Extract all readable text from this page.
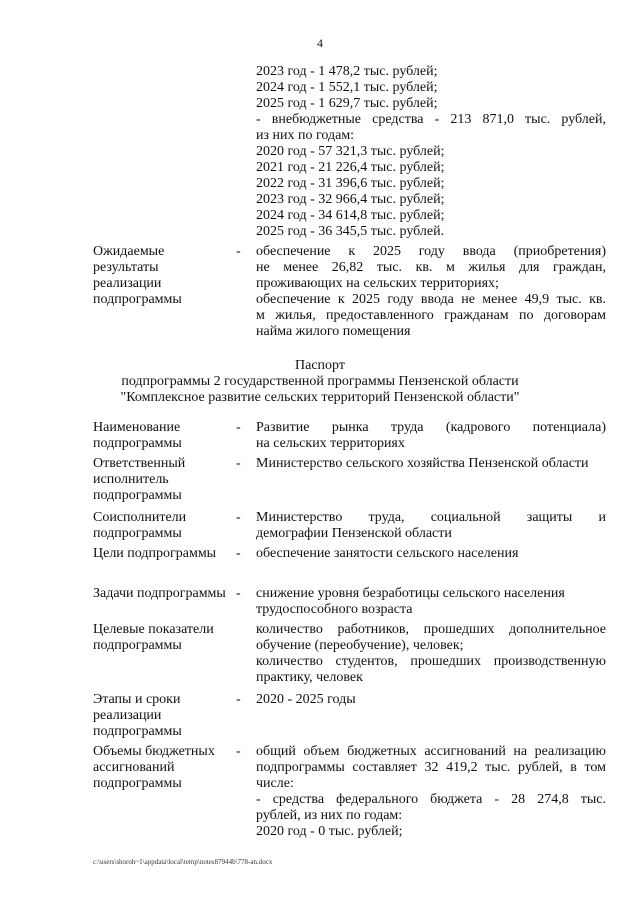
4
2023 год - 1 478,2 тыс. рублей;
2024 год - 1 552,1 тыс. рублей;
2025 год - 1 629,7 тыс. рублей;
- внебюджетные средства - 213 871,0 тыс. рублей,
из них по годам:
2020 год - 57 321,3 тыс. рублей;
2021 год - 21 226,4 тыс. рублей;
2022 год - 31 396,6 тыс. рублей;
2023 год - 32 966,4 тыс. рублей;
2024 год - 34 614,8 тыс. рублей;
2025 год - 36 345,5 тыс. рублей.
Ожидаемые результаты реализации подпрограммы
- обеспечение к 2025 году ввода (приобретения)
не менее 26,82 тыс. кв. м жилья для граждан,
проживающих на сельских территориях;
обеспечение к 2025 году ввода не менее 49,9 тыс. кв.
м жилья, предоставленного гражданам по договорам
найма жилого помещения
Паспорт
подпрограммы 2 государственной программы Пензенской области
"Комплексное развитие сельских территорий Пензенской области"
Наименование подпрограммы
- Развитие рынка труда (кадрового потенциала)
на сельских территориях
Ответственный исполнитель подпрограммы
- Министерство сельского хозяйства Пензенской области
Соисполнители подпрограммы
- Министерство труда, социальной защиты и
демографии Пензенской области
Цели подпрограммы	- обеспечение занятости сельского населения
Задачи подпрограммы - снижение уровня безработицы сельского населения
трудоспособного возраста
Целевые показатели подпрограммы
количество работников, прошедших дополнительное
обучение (переобучение), человек;
количество студентов, прошедших производственную
практику, человек
Этапы и сроки реализации подпрограммы
- 2020 - 2025 годы
Объемы бюджетных ассигнований подпрограммы
- общий объем бюджетных ассигнований на реализацию
подпрограммы составляет 32 419,2 тыс. рублей, в том
числе:
- средства федерального бюджета - 28 274,8 тыс.
рублей, из них по годам:
2020 год - 0 тыс. рублей;
c:\users\shoroh~1\appdata\local\temp\notes87944b\778-an.docx
